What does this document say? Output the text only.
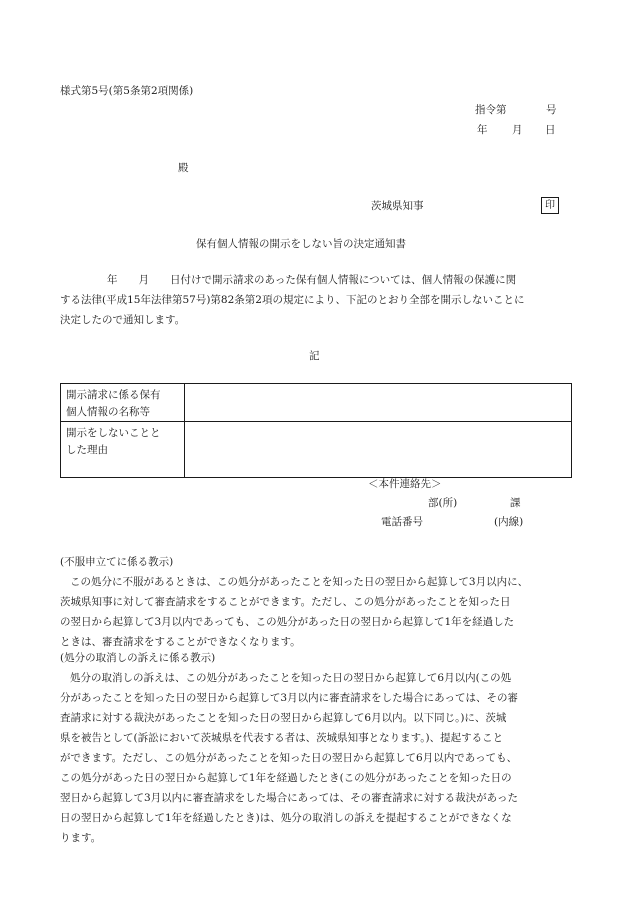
様式第5号(第5条第2項関係)
指令第	号
年 月 日
殿
茨城県知事	印
保有個人情報の開示をしない旨の決定通知書
年　　月　　日付けで開示請求のあった保有個人情報については、個人情報の保護に関
する法律(平成15年法律第57号)第82条第2項の規定により、下記のとおり全部を開示しないことに
決定したので通知します。
記
開示請求に係る保有
個人情報の名称等	

開示をしないことと
した理由	

＜本件連絡先＞
部(所)	課
電話番号	(内線)
(不服申立てに係る教示)
この処分に不服があるときは、この処分があったことを知った日の翌日から起算して3月以内に、
茨城県知事に対して審査請求をすることができます。ただし、この処分があったことを知った日
の翌日から起算して3月以内であっても、この処分があった日の翌日から起算して1年を経過した
ときは、審査請求をすることができなくなります。
(処分の取消しの訴えに係る教示)
処分の取消しの訴えは、この処分があったことを知った日の翌日から起算して6月以内(この処
分があったことを知った日の翌日から起算して3月以内に審査請求をした場合にあっては、その審
査請求に対する裁決があったことを知った日の翌日から起算して6月以内。以下同じ。)に、茨城
県を被告として(訴訟において茨城県を代表する者は、茨城県知事となります。)、提起すること
ができます。ただし、この処分があったことを知った日の翌日から起算して6月以内であっても、
この処分があった日の翌日から起算して1年を経過したとき(この処分があったことを知った日の
翌日から起算して3月以内に審査請求をした場合にあっては、その審査請求に対する裁決があった
日の翌日から起算して1年を経過したとき)は、処分の取消しの訴えを提起することができなくな
ります。
